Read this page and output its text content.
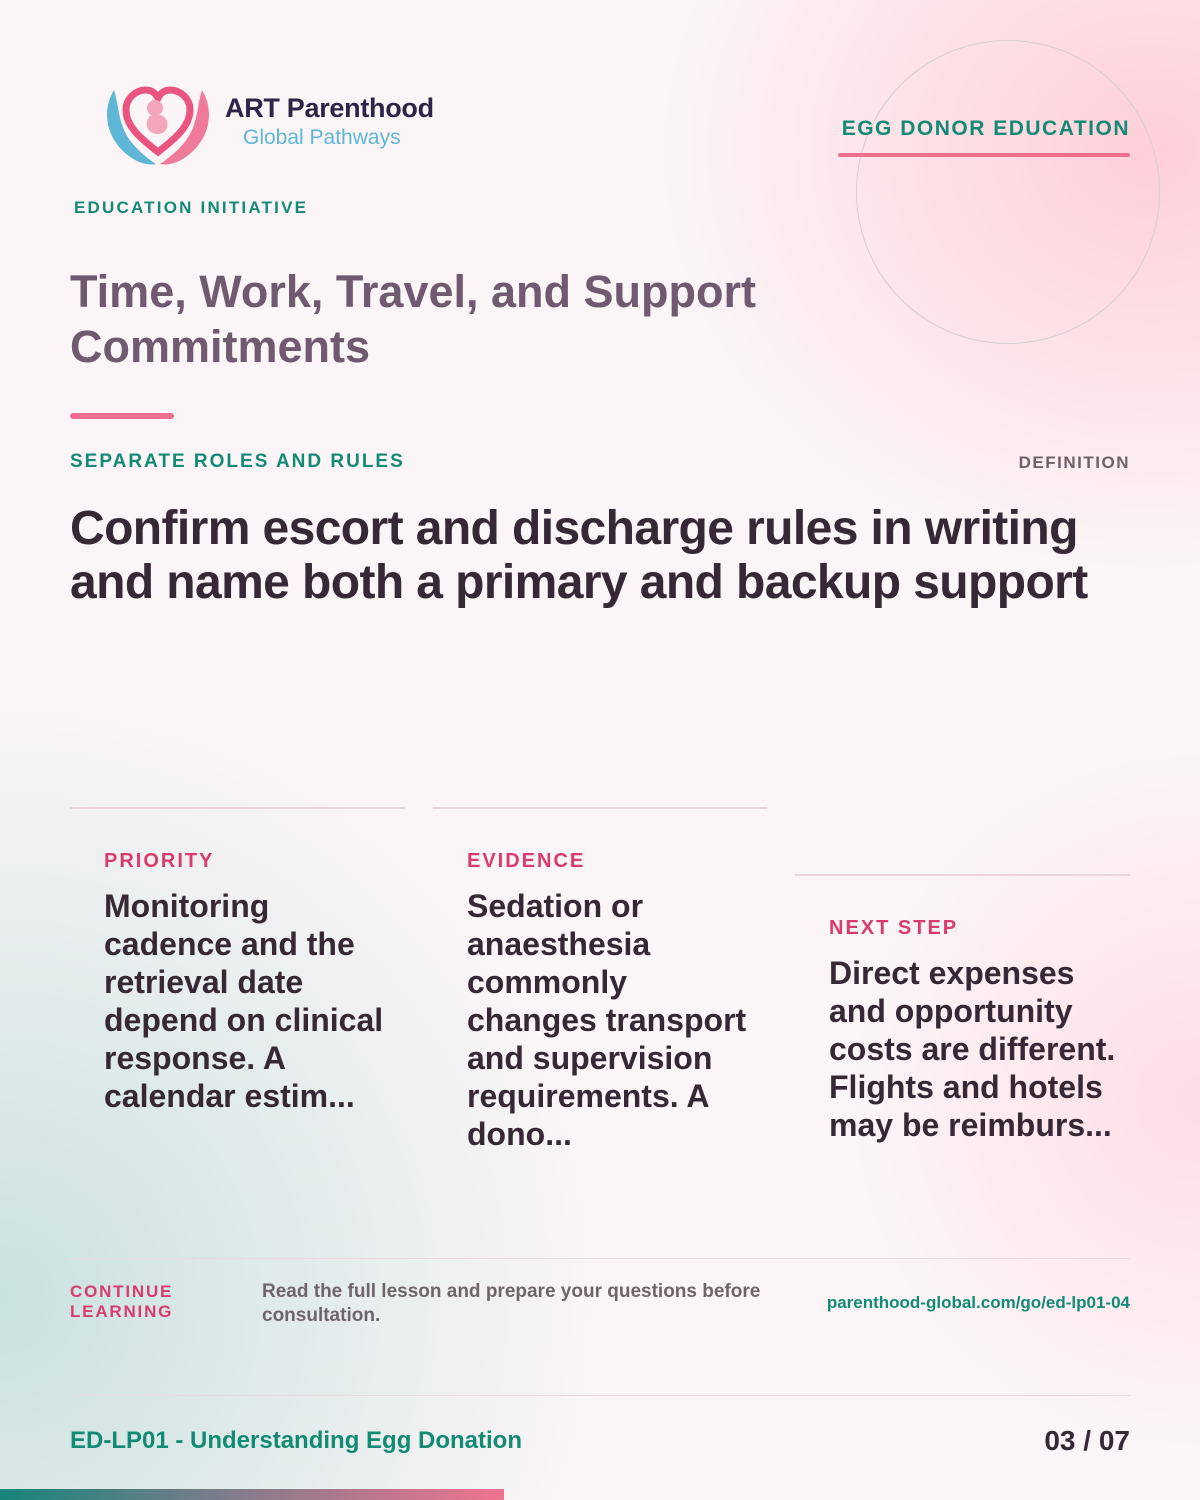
ART Parenthood
Global Pathways
EDUCATION INITIATIVE
EGG DONOR EDUCATION
Time, Work, Travel, and Support Commitments
SEPARATE ROLES AND RULES	DEFINITION
Confirm escort and discharge rules in writing and name both a primary and backup support
PRIORITY
Monitoring cadence and the retrieval date depend on clinical response. A calendar estim...
EVIDENCE
Sedation or anaesthesia commonly changes transport and supervision requirements. A dono...
NEXT STEP
Direct expenses and opportunity costs are different. Flights and hotels may be reimburs...
CONTINUE LEARNING
Read the full lesson and prepare your questions before consultation.
parenthood-global.com/go/ed-lp01-04
ED-LP01 - Understanding Egg Donation	03 / 07
